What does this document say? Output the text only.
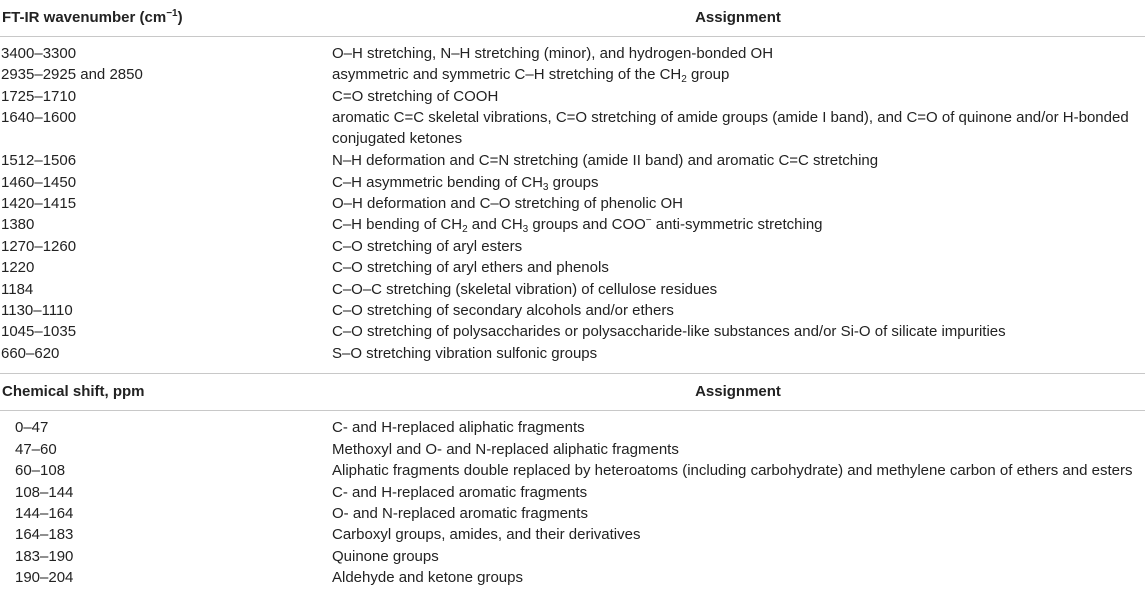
FT-IR wavenumber $(cm^{-1})$	Assignment

3400–3300	O–H stretching, N–H stretching (minor), and hydrogen-bonded OH
2935–2925 and 2850	asymmetric and symmetric C–H stretching of the $CH_2$ group
1725–1710	C=O stretching of COOH
1640–1600	aromatic C=C skeletal vibrations, C=O stretching of amide groups (amide I band), and C=O of quinone and/or H-bonded conjugated ketones
1512–1506	N–H deformation and C=N stretching (amide II band) and aromatic C=C stretching
1460–1450	C–H asymmetric bending of $CH_3$ groups
1420–1415	O–H deformation and C–O stretching of phenolic OH
1380	C–H bending of $CH_2$ and $CH_3$ groups and COO− anti-symmetric stretching
1270–1260	C–O stretching of aryl esters
1220	C–O stretching of aryl ethers and phenols
1184	C–O–C stretching (skeletal vibration) of cellulose residues
1130–1110	C–O stretching of secondary alcohols and/or ethers
1045–1035	C–O stretching of polysaccharides or polysaccharide-like substances and/or Si-O of silicate impurities
660–620	S–O stretching vibration sulfonic groups

Chemical shift, ppm	Assignment

0–47	C- and H-replaced aliphatic fragments
47–60	Methoxyl and O- and N-replaced aliphatic fragments
60–108	Aliphatic fragments double replaced by heteroatoms (including carbohydrate) and methylene carbon of ethers and esters
108–144	C- and H-replaced aromatic fragments
144–164	O- and N-replaced aromatic fragments
164–183	Carboxyl groups, amides, and their derivatives
183–190	Quinone groups
190–204	Aldehyde and ketone groups
